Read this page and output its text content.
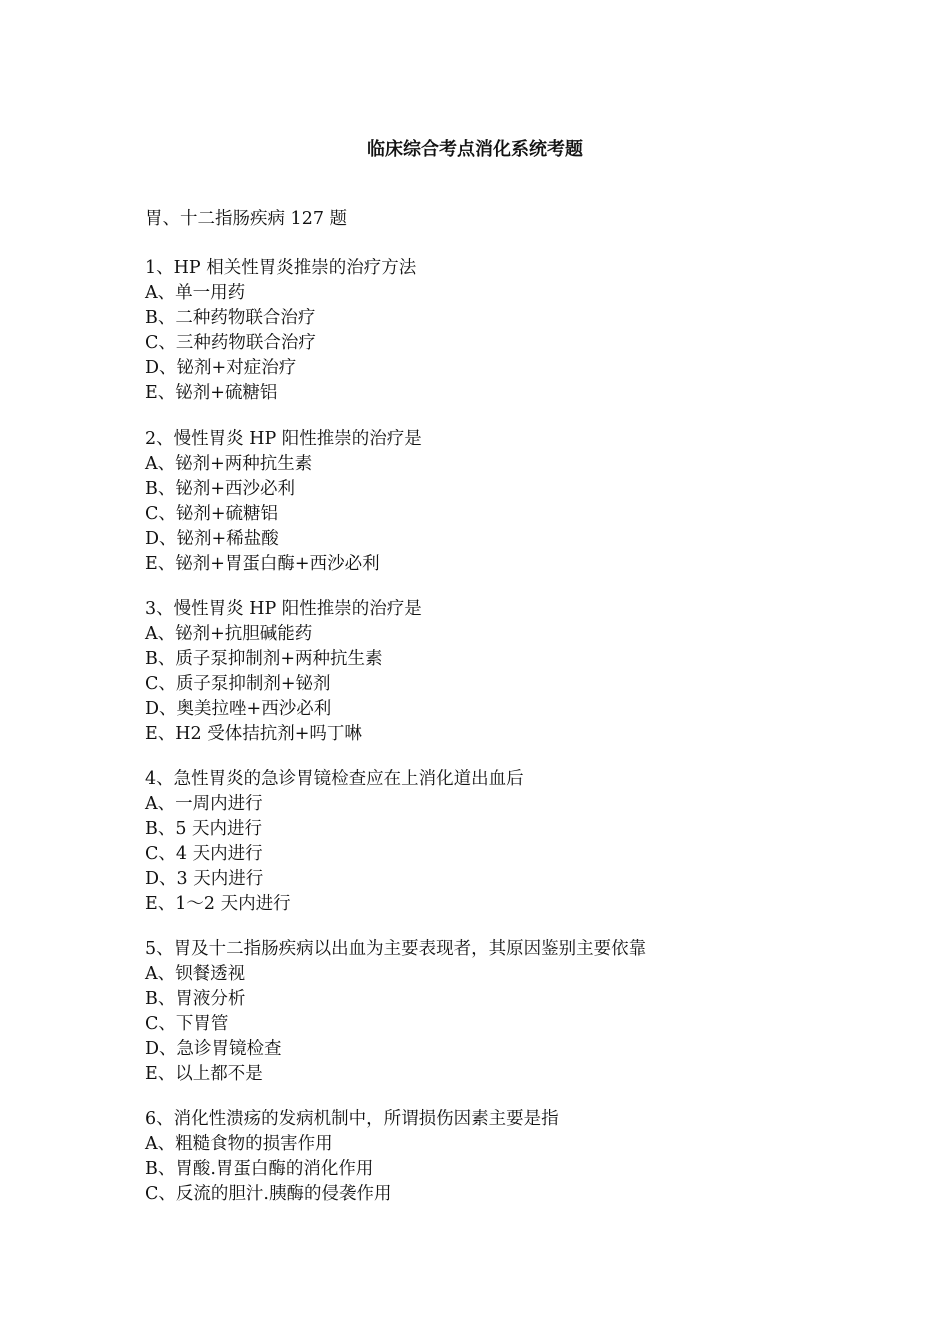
临床综合考点消化系统考题
胃、十二指肠疾病 127 题

1、HP 相关性胃炎推崇的治疗方法

A、单一用药

B、二种药物联合治疗

C、三种药物联合治疗

D、铋剂+对症治疗

E、铋剂+硫糖铝

2、慢性胃炎 HP 阳性推崇的治疗是

A、铋剂+两种抗生素

B、铋剂+西沙必利

C、铋剂+硫糖铝

D、铋剂+稀盐酸

E、铋剂+胃蛋白酶+西沙必利

3、慢性胃炎 HP 阳性推崇的治疗是

A、铋剂+抗胆碱能药

B、质子泵抑制剂+两种抗生素

C、质子泵抑制剂+铋剂

D、奥美拉唑+西沙必利

E、H2 受体拮抗剂+吗丁啉

4、急性胃炎的急诊胃镜检查应在上消化道出血后

A、一周内进行

B、5 天内进行

C、4 天内进行

D、3 天内进行

E、1～2 天内进行

5、胃及十二指肠疾病以出血为主要表现者，其原因鉴别主要依靠

A、钡餐透视

B、胃液分析

C、下胃管

D、急诊胃镜检查

E、以上都不是

6、消化性溃疡的发病机制中，所谓损伤因素主要是指

A、粗糙食物的损害作用

B、胃酸.胃蛋白酶的消化作用

C、反流的胆汁.胰酶的侵袭作用
